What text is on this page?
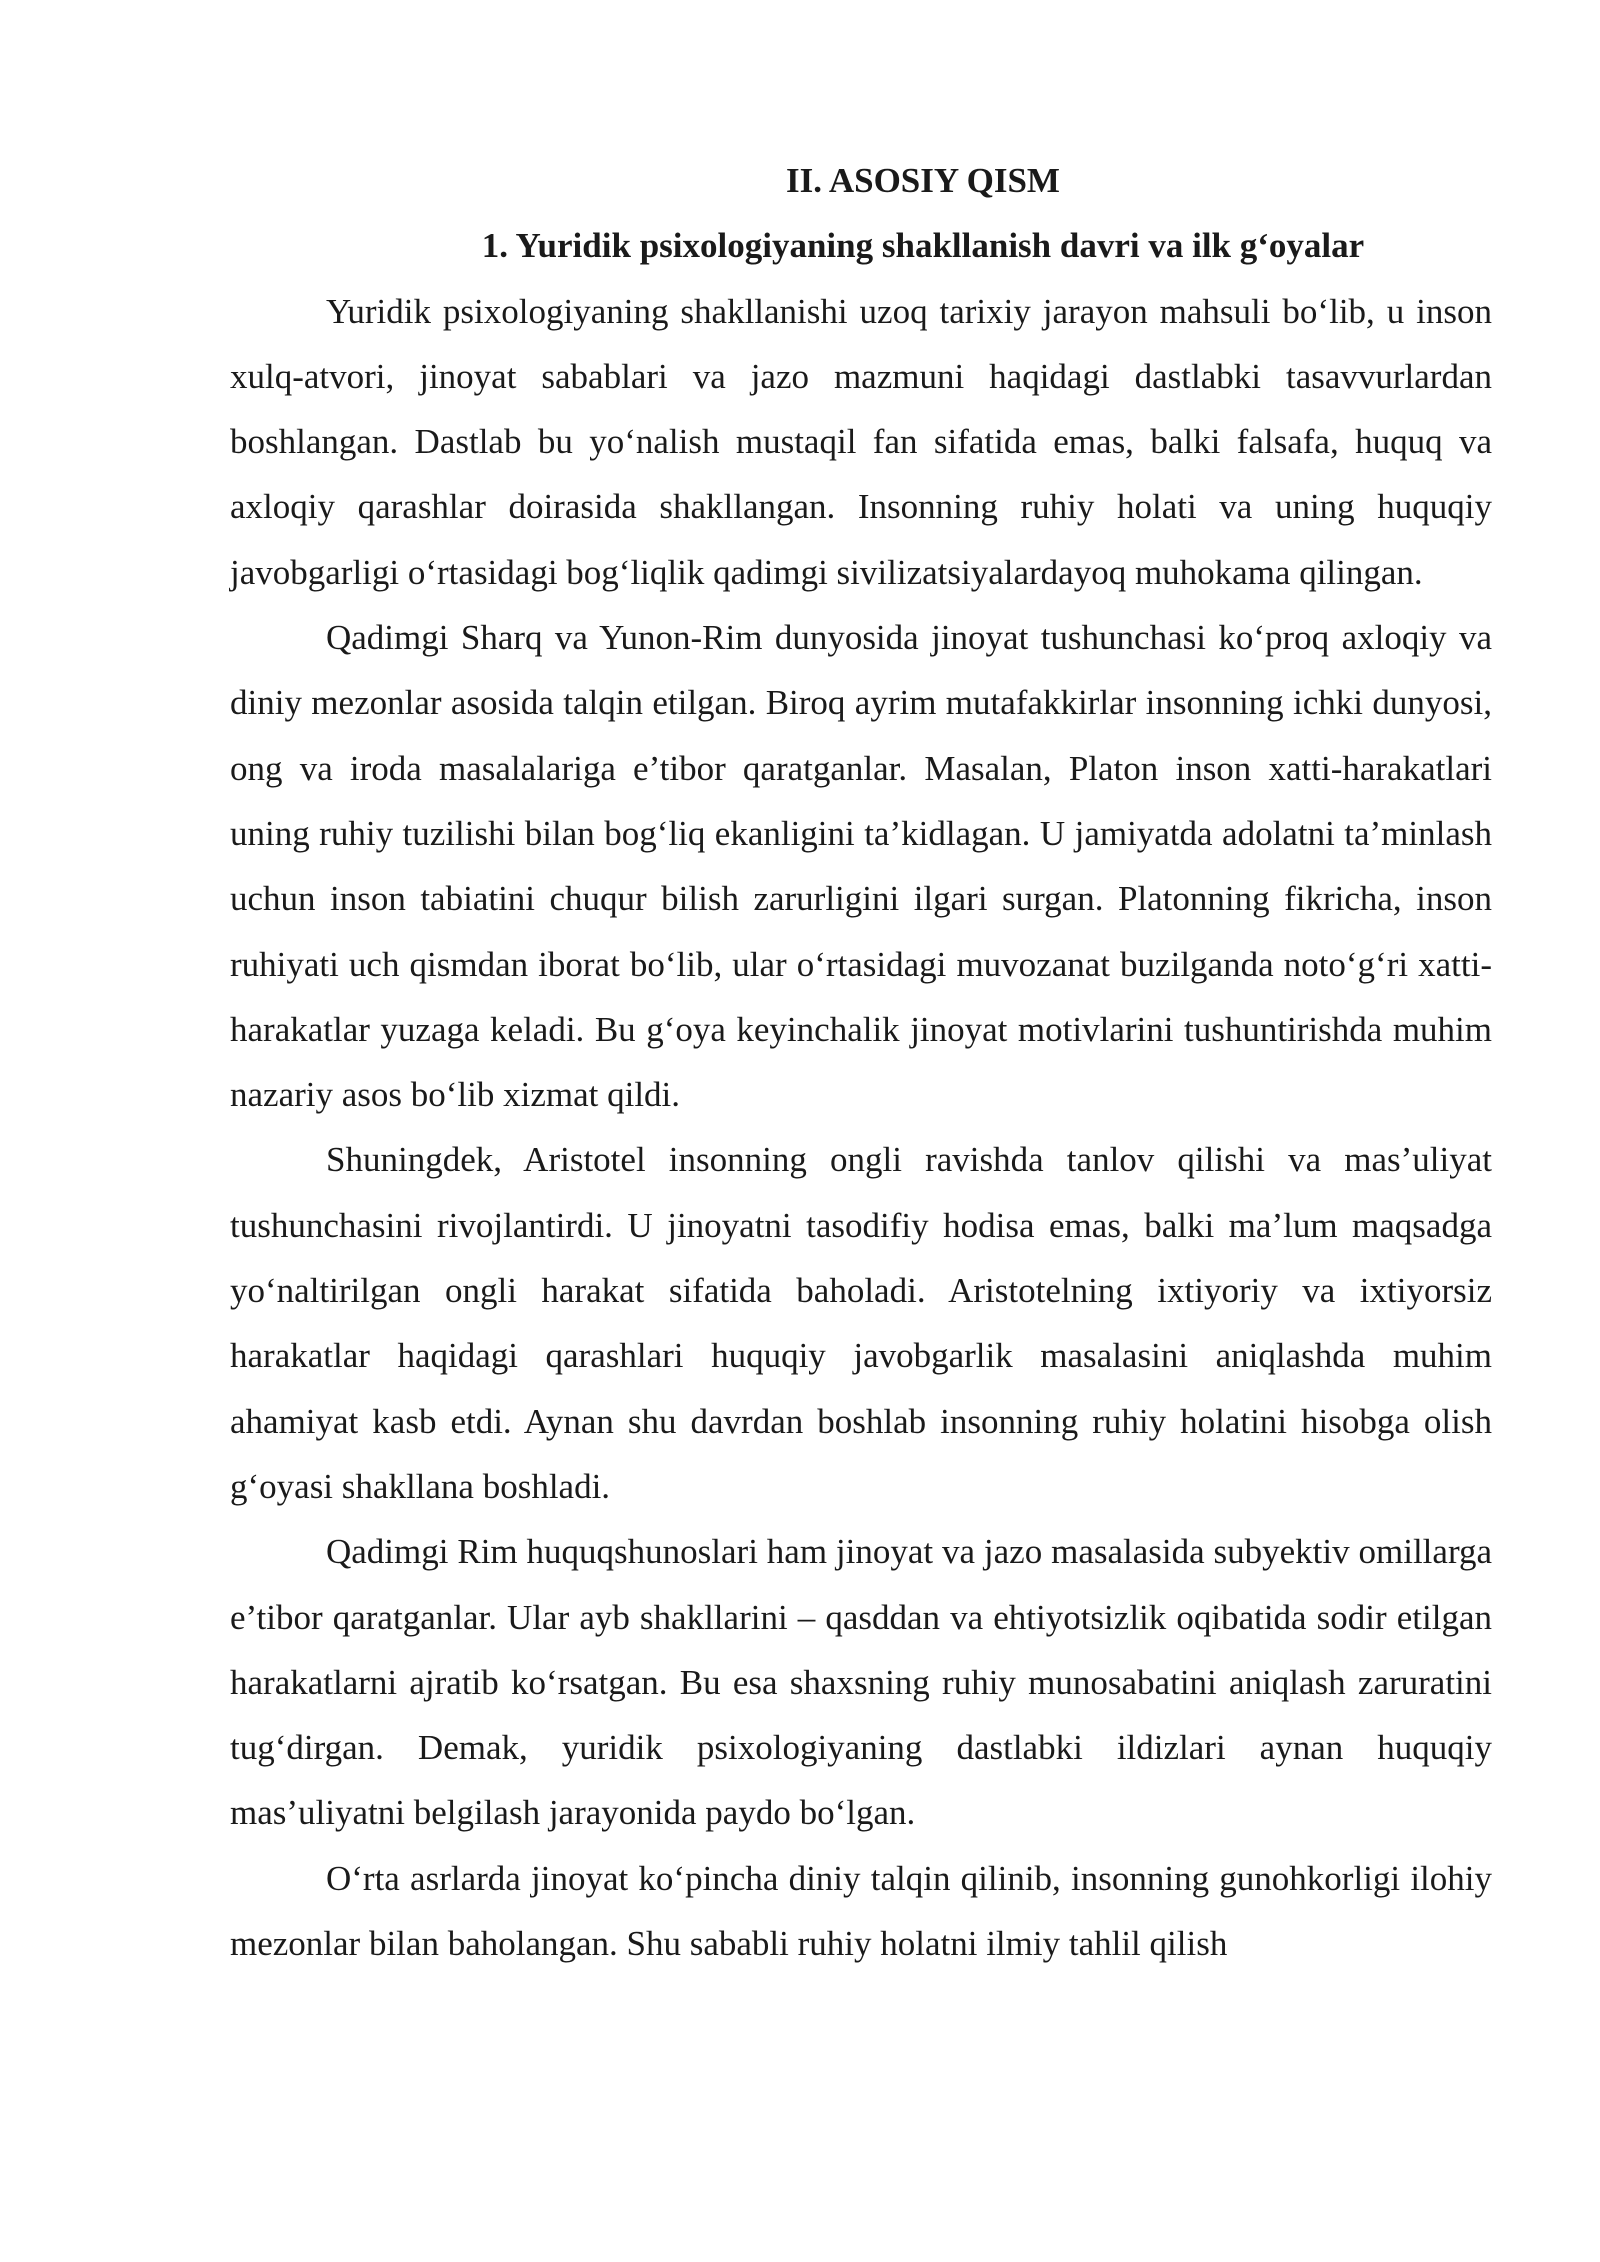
II. ASOSIY QISM
1. Yuridik psixologiyaning shakllanish davri va ilk g‘oyalar

Yuridik psixologiyaning shakllanishi uzoq tarixiy jarayon mahsuli bo‘lib, u inson xulq-atvori, jinoyat sabablari va jazo mazmuni haqidagi dastlabki tasavvurlardan boshlangan. Dastlab bu yo‘nalish mustaqil fan sifatida emas, balki falsafa, huquq va axloqiy qarashlar doirasida shakllangan. Insonning ruhiy holati va uning huquqiy javobgarligi o‘rtasidagi bog‘liqlik qadimgi sivilizatsiyalardayoq muhokama qilingan.

Qadimgi Sharq va Yunon-Rim dunyosida jinoyat tushunchasi ko‘proq axloqiy va diniy mezonlar asosida talqin etilgan. Biroq ayrim mutafakkirlar insonning ichki dunyosi, ong va iroda masalalariga e’tibor qaratganlar. Masalan, Platon inson xatti-harakatlari uning ruhiy tuzilishi bilan bog‘liq ekanligini ta’kidlagan. U jamiyatda adolatni ta’minlash uchun inson tabiatini chuqur bilish zarurligini ilgari surgan. Platonning fikricha, inson ruhiyati uch qismdan iborat bo‘lib, ular o‘rtasidagi muvozanat buzilganda noto‘g‘ri xatti-harakatlar yuzaga keladi. Bu g‘oya keyinchalik jinoyat motivlarini tushuntirishda muhim nazariy asos bo‘lib xizmat qildi.

Shuningdek, Aristotel insonning ongli ravishda tanlov qilishi va mas’uliyat tushunchasini rivojlantirdi. U jinoyatni tasodifiy hodisa emas, balki ma’lum maqsadga yo‘naltirilgan ongli harakat sifatida baholadi. Aristotelning ixtiyoriy va ixtiyorsiz harakatlar haqidagi qarashlari huquqiy javobgarlik masalasini aniqlashda muhim ahamiyat kasb etdi. Aynan shu davrdan boshlab insonning ruhiy holatini hisobga olish g‘oyasi shakllana boshladi.

Qadimgi Rim huquqshunoslari ham jinoyat va jazo masalasida subyektiv omillarga e’tibor qaratganlar. Ular ayb shakllarini – qasddan va ehtiyotsizlik oqibatida sodir etilgan harakatlarni ajratib ko‘rsatgan. Bu esa shaxsning ruhiy munosabatini aniqlash zaruratini tug‘dirgan. Demak, yuridik psixologiyaning dastlabki ildizlari aynan huquqiy mas’uliyatni belgilash jarayonida paydo bo‘lgan.

O‘rta asrlarda jinoyat ko‘pincha diniy talqin qilinib, insonning gunohkorligi ilohiy mezonlar bilan baholangan. Shu sababli ruhiy holatni ilmiy tahlil qilish
